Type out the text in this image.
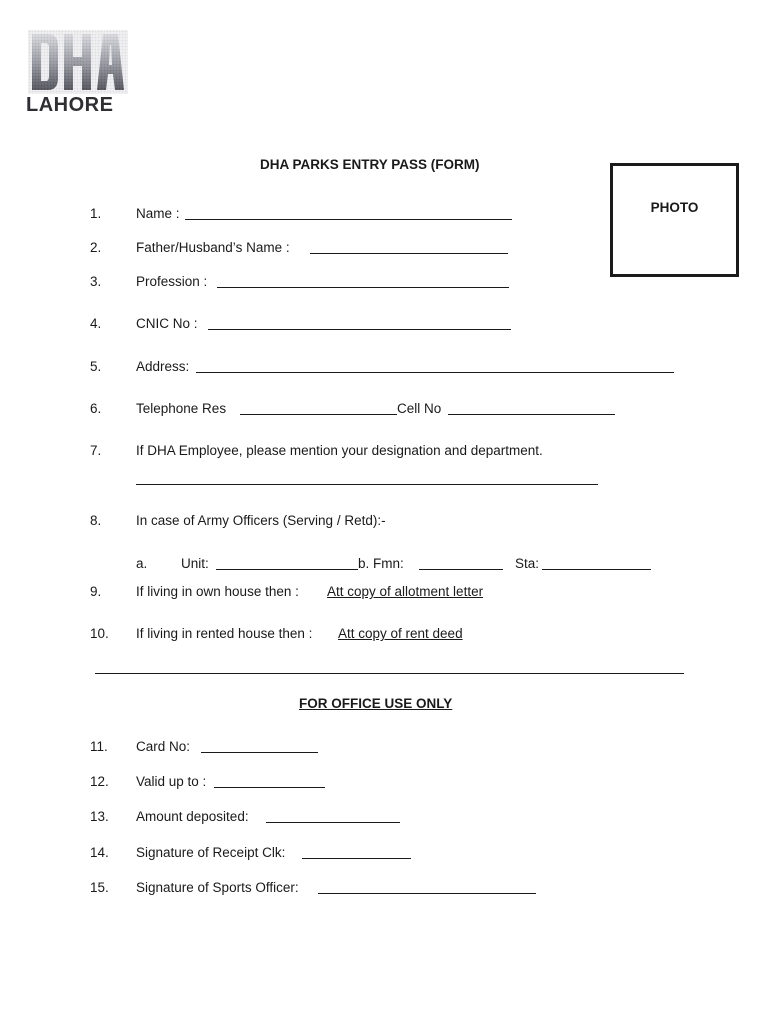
LAHORE
DHA PARKS ENTRY PASS (FORM)
PHOTO
1.	Name :
2.	Father/Husband’s Name :
3.	Profession :
4.	CNIC No :
5.	Address:
6.	Telephone Res	Cell No
7.	If DHA Employee, please mention your designation and department.
8.	In case of Army Officers (Serving / Retd):-
a. Unit:	b. Fmn:	Sta:
9.	If living in own house then : Att copy of allotment letter
10. If living in rented house then : Att copy of rent deed
FOR OFFICE USE ONLY
11. Card No:
12. Valid up to :
13. Amount deposited:
14. Signature of Receipt Clk:
15. Signature of Sports Officer:
